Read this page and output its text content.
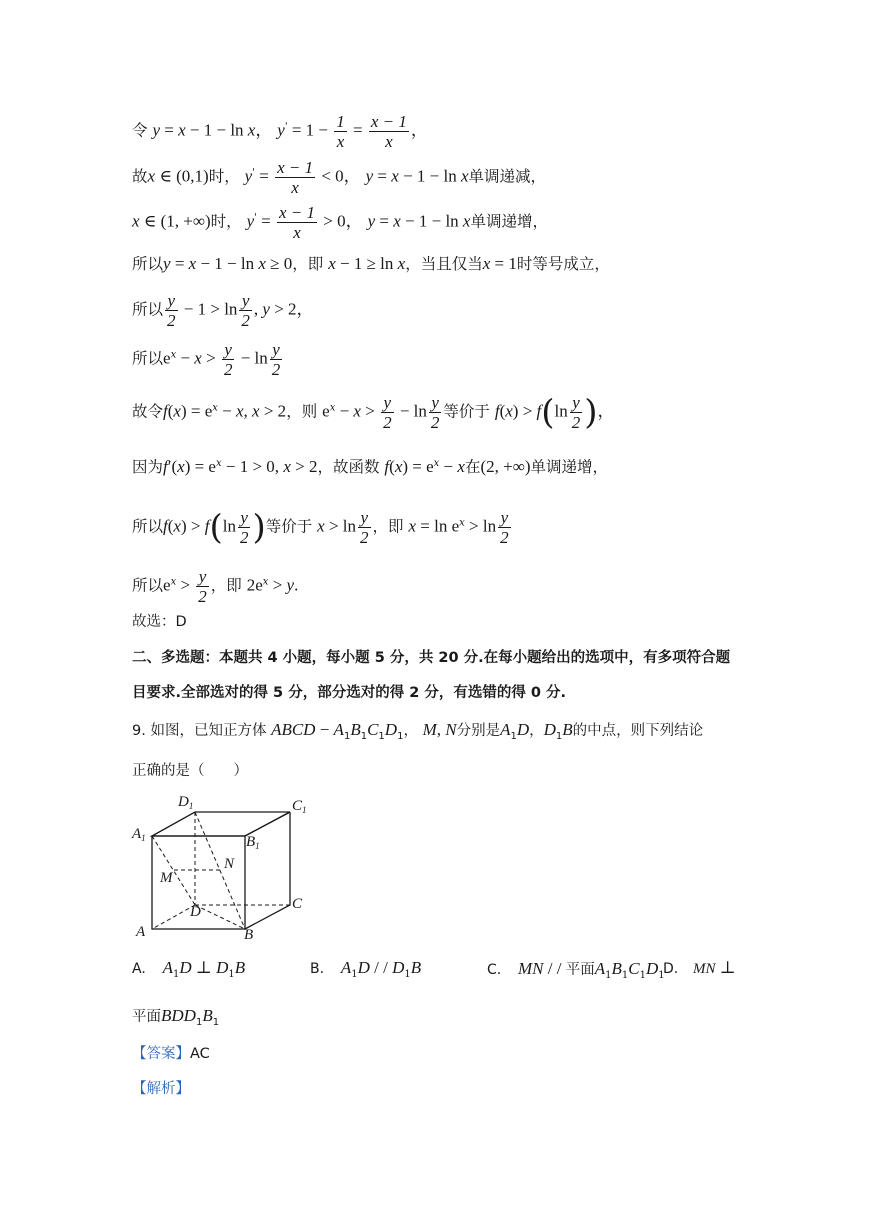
令 y = x − 1 − ln x， $y' = 1 - \frac{1}{x} = \frac{x - 1}{x}$ ，
故x ∈ (0,1)时， $y' = \frac{x - 1}{x} < 0$， y = x − 1 − ln x单调递减，
x ∈ (1, +∞)时， $y' = \frac{x - 1}{x} > 0$， y = x − 1 − ln x单调递增，
所以y = x − 1 − ln x ≥ 0，即 x − 1 ≥ ln x，当且仅当x = 1时等号成立，
所以 $\frac{y}{2} - 1 > \ln \frac{y}{2}$ , y > 2，
所以$e^x - x > \frac{y}{2} - \ln \frac{y}{2}$
故令$f(x) = e^x - x$, x > 2，则 $e^x - x > \frac{y}{2} - \ln \frac{y}{2}$ 等价于 $f(x) > f(\ln \frac{y}{2}$ )，
因为$f'(x) = e^x - 1 > 0$, x > 2，故函数 $f(x) = e^x - x$在(2, +∞)单调递增，
所以$f(x) > f(\ln \frac{y}{2}$ )等价于 $x > \ln \frac{y}{2}$ ，即 $x = \ln e^x > \ln \frac{y}{2}$
所以$e^x > \frac{y}{2}$ ，即 $2e^x > y$.
故选：D
二、多选题：本题共 4 小题，每小题 5 分，共 20 分.在每小题给出的选项中，有多项符合题
目要求.全部选对的得 5 分，部分选对的得 2 分，有选错的得 0 分.
9. 如图，已知正方体 ABCD − $A_1B_1C_1D_1$， M, N分别是$A_1D$，$D_1B$的中点，则下列结论
正确的是（　　）
$D_1$	$C_1$
$A_1$	$B_1$
M
N
D	C
A	B
A. $A_1D$ ⊥ $D_1B$	B. $A_1D$ / / $D_1B$	C. MN / / 平面$A_1B_1C_1D_1$
D. MN ⊥
平面$BDD_1B_1$
【答案】AC
【解析】
